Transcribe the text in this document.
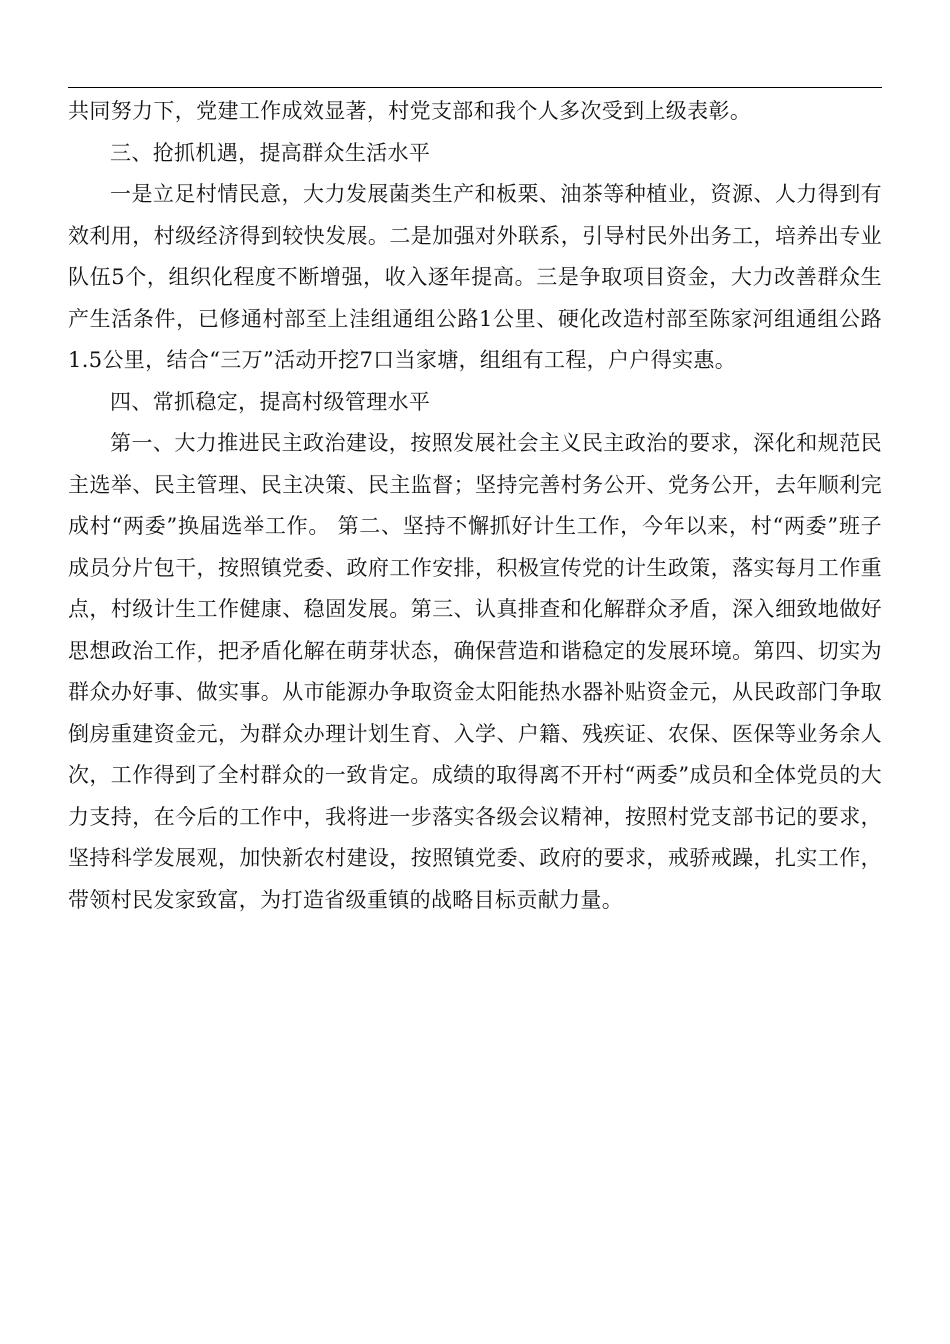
共同努力下，党建工作成效显著，村党支部和我个人多次受到上级表彰。

三、抢抓机遇，提高群众生活水平

一是立足村情民意，大力发展菌类生产和板栗、油茶等种植业，资源、人力得到有效利用，村级经济得到较快发展。二是加强对外联系，引导村民外出务工，培养出专业队伍5个，组织化程度不断增强，收入逐年提高。三是争取项目资金，大力改善群众生产生活条件，已修通村部至上洼组通组公路1公里、硬化改造村部至陈家河组通组公路1.5公里，结合“三万”活动开挖7口当家塘，组组有工程，户户得实惠。

四、常抓稳定，提高村级管理水平

第一、大力推进民主政治建设，按照发展社会主义民主政治的要求，深化和规范民主选举、民主管理、民主决策、民主监督；坚持完善村务公开、党务公开，去年顺利完成村“两委”换届选举工作。 第二、坚持不懈抓好计生工作，今年以来，村“两委”班子成员分片包干，按照镇党委、政府工作安排，积极宣传党的计生政策，落实每月工作重点，村级计生工作健康、稳固发展。第三、认真排查和化解群众矛盾，深入细致地做好思想政治工作，把矛盾化解在萌芽状态，确保营造和谐稳定的发展环境。第四、切实为群众办好事、做实事。从市能源办争取资金太阳能热水器补贴资金元，从民政部门争取倒房重建资金元，为群众办理计划生育、入学、户籍、残疾证、农保、医保等业务余人次，工作得到了全村群众的一致肯定。成绩的取得离不开村“两委”成员和全体党员的大力支持，在今后的工作中，我将进一步落实各级会议精神，按照村党支部书记的要求，坚持科学发展观，加快新农村建设，按照镇党委、政府的要求，戒骄戒躁，扎实工作，带领村民发家致富，为打造省级重镇的战略目标贡献力量。
